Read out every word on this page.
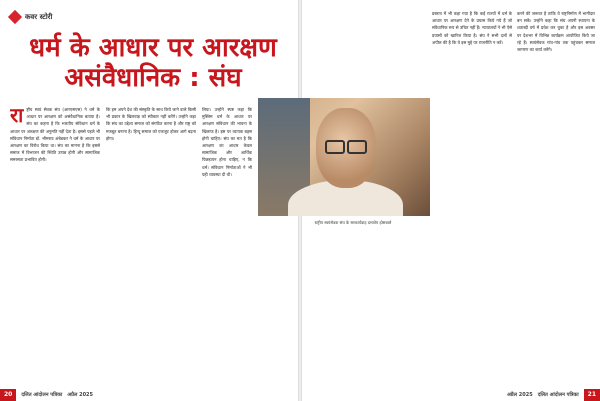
कवर स्टोरी
धर्म के आधार पर आरक्षण
असंवैधानिक : संघ
रा ष्ट्रीय स्वयं सेवक संघ (आरएसएस) ने धर्म के आधार पर आरक्षण को असंवैधानिक बताया है। संघ का कहना है कि भारतीय संविधान धर्म के आधार पर आरक्षण की अनुमति नहीं देता है। इससे पहले भी संविधान निर्माता डॉ. भीमराव अंबेडकर ने धर्म के आधार पर आरक्षण का विरोध किया था। संघ का मानना है कि इससे समाज में विभाजन की स्थिति उत्पन्न होगी और सामाजिक समरसता प्रभावित होगी।
कि हम अपने देश की संस्कृति के साथ किये जाने वाले किसी भी प्रकार के खिलवाड़ को स्वीकार नहीं करेंगे। उन्होंने कहा कि संघ का उद्देश्य समाज को संगठित करना है और राष्ट्र को मजबूत बनाना है। हिन्दू समाज को एकजुट होकर आगे बढ़ना होगा।
लिया। उन्होंने स्पष्ट कहा कि मुस्लिम धर्म के आधार पर आरक्षण संविधान की भावना के खिलाफ है। इस पर व्यापक बहस होनी चाहिए। संघ का मत है कि आरक्षण का आधार केवल सामाजिक और आर्थिक पिछड़ापन होना चाहिए, न कि धर्म। संविधान निर्माताओं ने भी यही व्यवस्था दी थी।
20	दलित आंदोलन पत्रिका अप्रैल 2025
प्रस्ताव में भी कहा गया है कि कई राज्यों में धर्म के आधार पर आरक्षण देने के प्रयास किये गये हैं जो संवैधानिक रूप से उचित नहीं हैं। न्यायालयों ने भी ऐसे प्रयासों को खारिज किया है। संघ ने सभी दलों से अपील की है कि वे इस मुद्दे पर राजनीति न करें।
करने की जरूरत है ताकि वे राष्ट्रनिर्माण में भागीदार बन सकें। उन्होंने कहा कि संघ अपनी स्थापना के शताब्दी वर्ष में प्रवेश कर चुका है और इस अवसर पर देशभर में विभिन्न कार्यक्रम आयोजित किये जा रहे हैं। स्वयंसेवक गांव-गांव तक पहुंचकर समाज जागरण का कार्य करेंगे।
अप्रैल 2025 दलित आंदोलन पत्रिका	21
राष्ट्रीय स्वयंसेवक संघ के सरकार्यवाह दत्तात्रेय होसबाले
